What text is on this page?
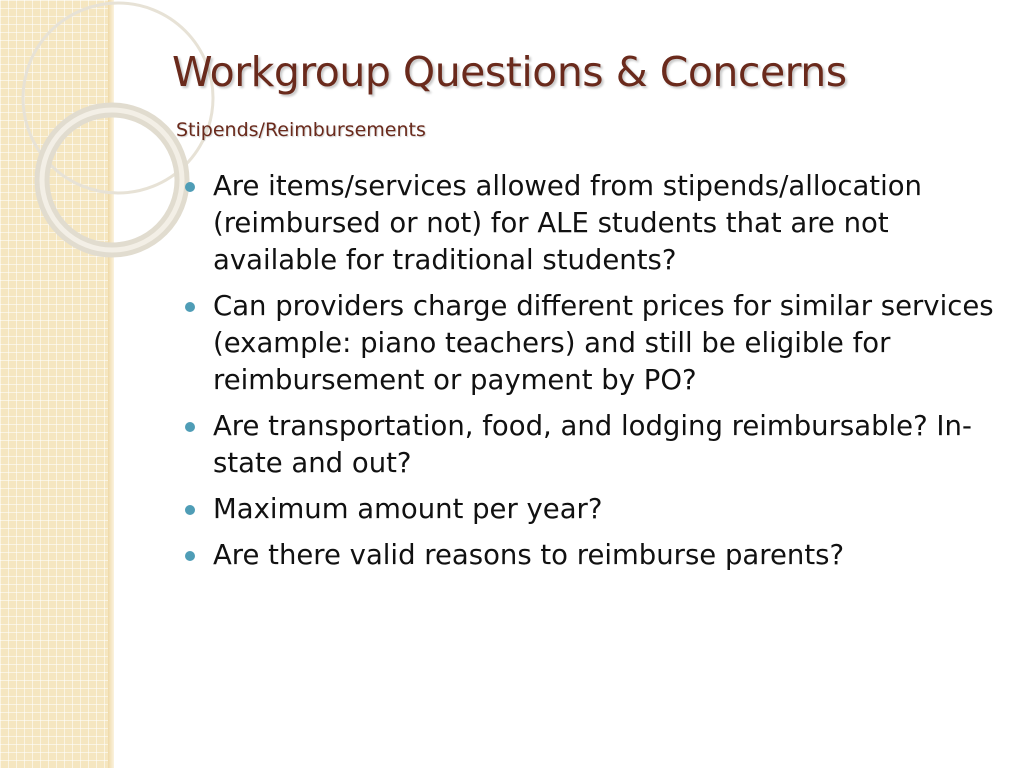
Workgroup Questions & Concerns
Stipends/Reimbursements
Are items/services allowed from stipends/allocation (reimbursed or not) for ALE students that are not available for traditional students?
Can providers charge different prices for similar services (example: piano teachers) and still be eligible for reimbursement or payment by PO?
Are transportation, food, and lodging reimbursable? In-state and out?
Maximum amount per year?
Are there valid reasons to reimburse parents?
